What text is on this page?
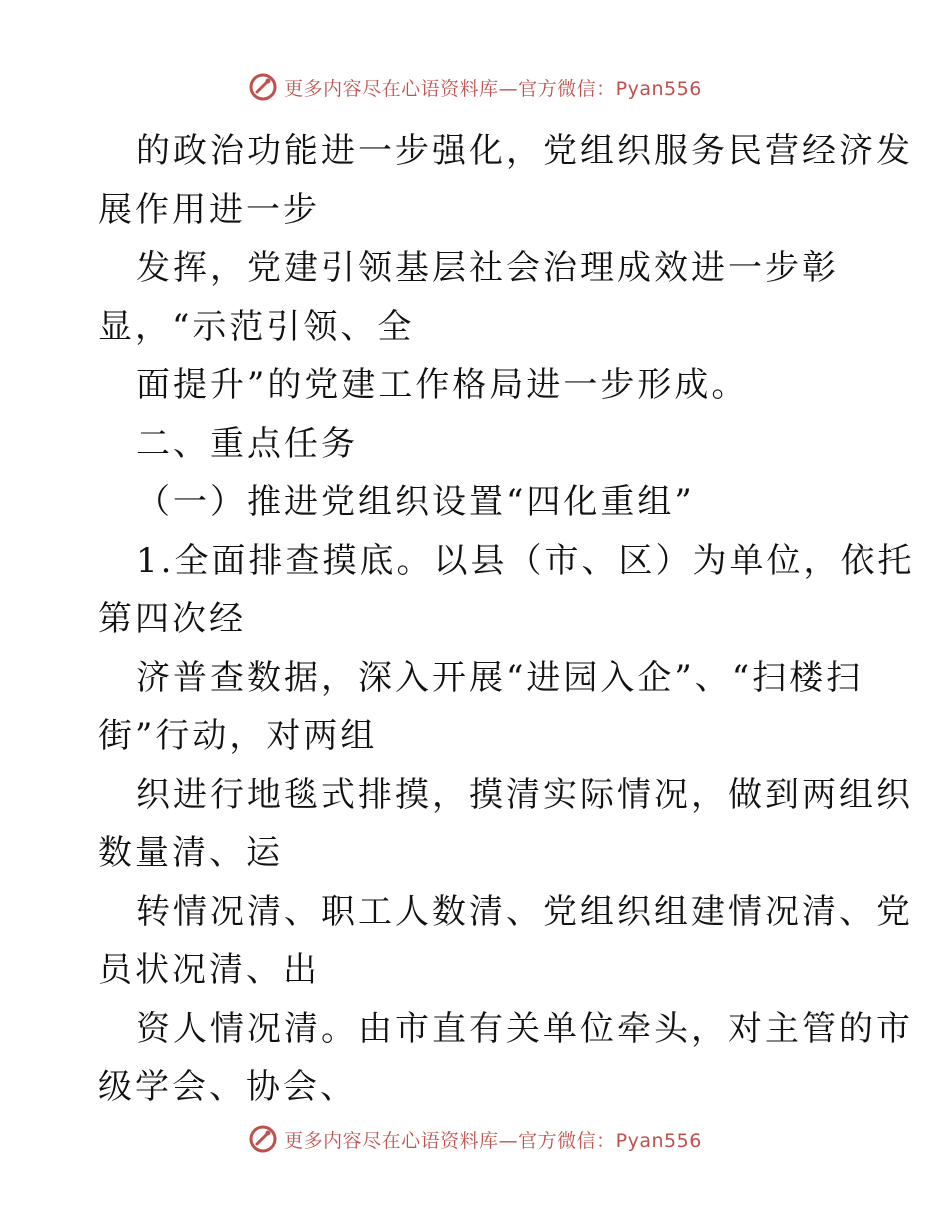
更多内容尽在心语资料库—官方微信：Pyan556
的政治功能进一步强化，党组织服务民营经济发
展作用进一步
发挥，党建引领基层社会治理成效进一步彰
显，“示范引领、全
面提升”的党建工作格局进一步形成。
二、重点任务
（一）推进党组织设置“四化重组”
1.全面排查摸底。以县（市、区）为单位，依托
第四次经
济普查数据，深入开展“进园入企”、“扫楼扫
街”行动，对两组
织进行地毯式排摸，摸清实际情况，做到两组织
数量清、运
转情况清、职工人数清、党组织组建情况清、党
员状况清、出
资人情况清。由市直有关单位牵头，对主管的市
级学会、协会、
更多内容尽在心语资料库—官方微信：Pyan556
